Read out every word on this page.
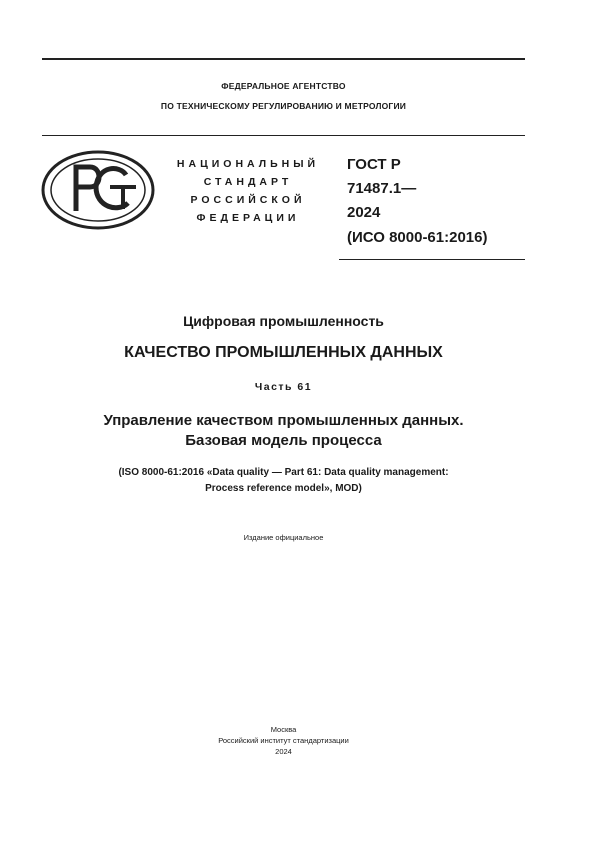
ФЕДЕРАЛЬНОЕ АГЕНТСТВО
ПО ТЕХНИЧЕСКОМУ РЕГУЛИРОВАНИЮ И МЕТРОЛОГИИ
НАЦИОНАЛЬНЫЙ
СТАНДАРТ
РОССИЙСКОЙ
ФЕДЕРАЦИИ
ГОСТ Р
71487.1—
2024
(ИСО 8000-61:2016)
Цифровая промышленность
КАЧЕСТВО ПРОМЫШЛЕННЫХ ДАННЫХ
Часть 61
Управление качеством промышленных данных.
Базовая модель процесса
(ISO 8000-61:2016 «Data quality — Part 61: Data quality management:
Process reference model», MOD)
Издание официальное
Москва
Российский институт стандартизации
2024
